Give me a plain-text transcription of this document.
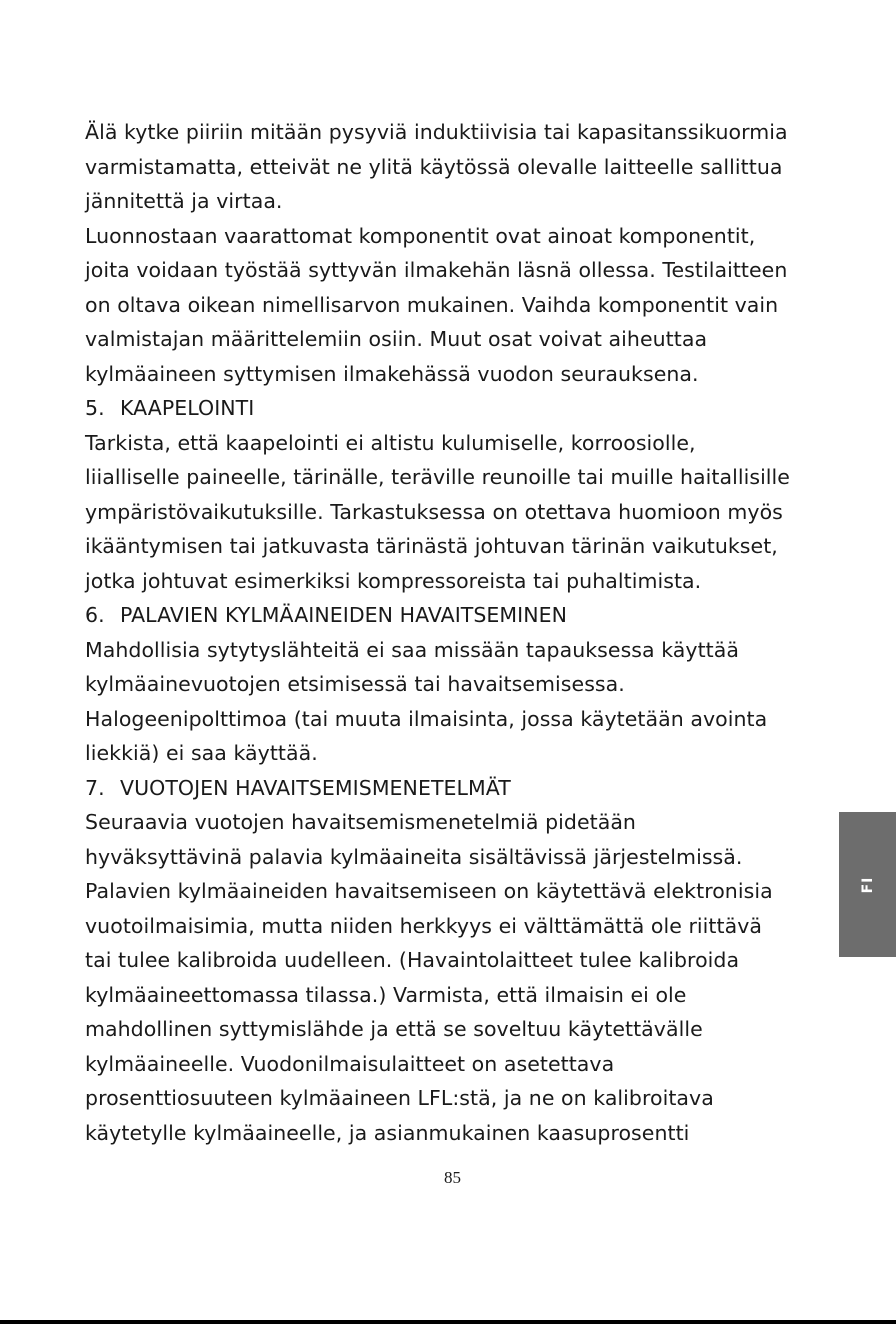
Älä kytke piiriin mitään pysyviä induktiivisia tai kapasitanssikuormia
varmistamatta, etteivät ne ylitä käytössä olevalle laitteelle sallittua
jännitettä ja virtaa.
Luonnostaan vaarattomat komponentit ovat ainoat komponentit,
joita voidaan työstää syttyvän ilmakehän läsnä ollessa. Testilaitteen
on oltava oikean nimellisarvon mukainen. Vaihda komponentit vain
valmistajan määrittelemiin osiin. Muut osat voivat aiheuttaa
kylmäaineen syttymisen ilmakehässä vuodon seurauksena.
5. KAAPELOINTI
Tarkista, että kaapelointi ei altistu kulumiselle, korroosiolle,
liialliselle paineelle, tärinälle, teräville reunoille tai muille haitallisille
ympäristövaikutuksille. Tarkastuksessa on otettava huomioon myös
ikääntymisen tai jatkuvasta tärinästä johtuvan tärinän vaikutukset,
jotka johtuvat esimerkiksi kompressoreista tai puhaltimista.
6. PALAVIEN KYLMÄAINEIDEN HAVAITSEMINEN
Mahdollisia sytytyslähteitä ei saa missään tapauksessa käyttää
kylmäainevuotojen etsimisessä tai havaitsemisessa.
Halogeenipolttimoa (tai muuta ilmaisinta, jossa käytetään avointa
liekkiä) ei saa käyttää.
7. VUOTOJEN HAVAITSEMISMENETELMÄT
Seuraavia vuotojen havaitsemismenetelmiä pidetään
hyväksyttävinä palavia kylmäaineita sisältävissä järjestelmissä.
Palavien kylmäaineiden havaitsemiseen on käytettävä elektronisia
vuotoilmaisimia, mutta niiden herkkyys ei välttämättä ole riittävä
tai tulee kalibroida uudelleen. (Havaintolaitteet tulee kalibroida
kylmäaineettomassa tilassa.) Varmista, että ilmaisin ei ole
mahdollinen syttymislähde ja että se soveltuu käytettävälle
kylmäaineelle. Vuodonilmaisulaitteet on asetettava
prosenttiosuuteen kylmäaineen LFL:stä, ja ne on kalibroitava
käytetylle kylmäaineelle, ja asianmukainen kaasuprosentti
85
FI
